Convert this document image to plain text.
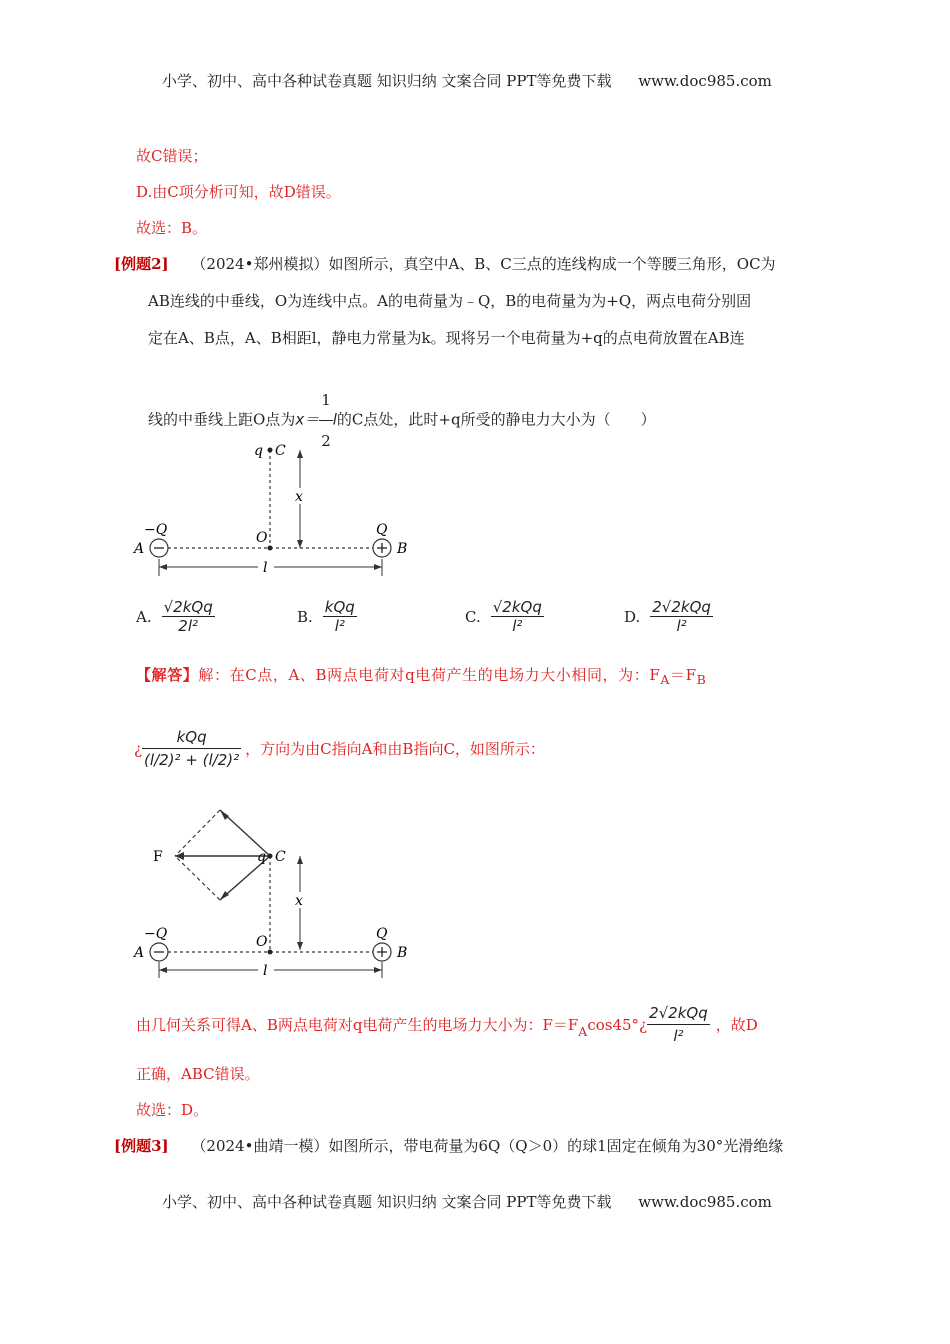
小学、初中、高中各种试卷真题 知识归纳 文案合同 PPT等免费下载 www.doc985.com
故C错误；
D.由C项分析可知，故D错误。
故选：B。
[例题2] （2024•郑州模拟）如图所示，真空中A、B、C三点的连线构成一个等腰三角形，OC为
AB连线的中垂线，O为连线中点。A的电荷量为﹣Q，B的电荷量为为+Q，两点电荷分别固
定在A、B点，A、B相距l，静电力常量为k。现将另一个电荷量为+q的点电荷放置在AB连
线的中垂线上距O点为$x= \frac{1}{2}$ l的C点处，此时+q所受的静电力大小为（　　）
q C
x
−Q	Q
A	B
O
l
A. $\frac{\text{√2kQq}}{\text{2l²}}$	B. $\frac{\text{kQq}}{\text{l²}}$	C. $\frac{\text{√2kQq}}{\text{l²}}$	D. $\frac{\text{2√2kQq}}{\text{l²}}$
【解答】解：在C点，A、B两点电荷对q电荷产生的电场力大小相同，为：$F_A=F_B$
¿ $\frac{\text{kQq}}{\text{(l/2)² + (l/2)²}}$ ，方向为由C指向A和由B指向C，如图所示：
F	q C
x
−Q	Q
A	B
O
l
由几何关系可得A、B两点电荷对q电荷产生的电场力大小为：$F=F_A$ cos45° ¿ $\frac{\text{2√2kQq}}{\text{l²}}$ ，故D
正确，ABC错误。
故选：D。
[例题3] （2024•曲靖一模）如图所示，带电荷量为6Q（Q＞0）的球1固定在倾角为30°光滑绝缘
小学、初中、高中各种试卷真题 知识归纳 文案合同 PPT等免费下载 www.doc985.com
